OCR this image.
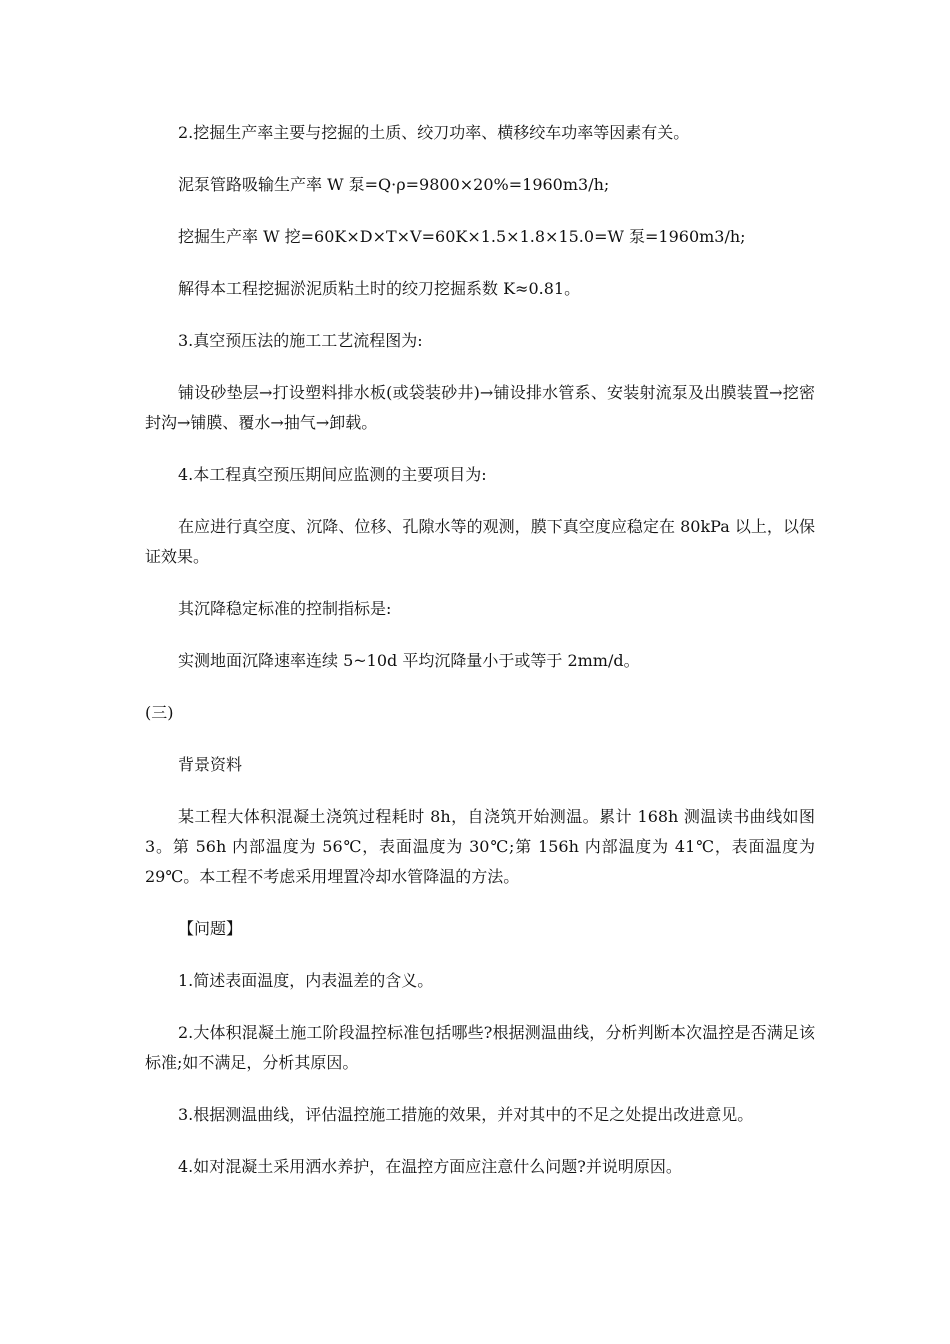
2.挖掘生产率主要与挖掘的土质、绞刀功率、横移绞车功率等因素有关。

泥泵管路吸输生产率 W 泵=Q·ρ=9800×20%=1960m3/h;

挖掘生产率 W 挖=60K×D×T×V=60K×1.5×1.8×15.0=W 泵=1960m3/h;

解得本工程挖掘淤泥质粘土时的绞刀挖掘系数 K≈0.81。

3.真空预压法的施工工艺流程图为:

铺设砂垫层→打设塑料排水板(或袋装砂井)→铺设排水管系、安装射流泵及出膜装置→挖密封沟→铺膜、覆水→抽气→卸载。

4.本工程真空预压期间应监测的主要项目为:

在应进行真空度、沉降、位移、孔隙水等的观测，膜下真空度应稳定在 80kPa 以上，以保证效果。

其沉降稳定标准的控制指标是:

实测地面沉降速率连续 5~10d 平均沉降量小于或等于 2mm/d。

(三)

背景资料

某工程大体积混凝土浇筑过程耗时 8h，自浇筑开始测温。累计 168h 测温读书曲线如图 3。第 56h 内部温度为 56℃，表面温度为 30℃;第 156h 内部温度为 41℃，表面温度为 29℃。本工程不考虑采用埋置冷却水管降温的方法。

【问题】

1.简述表面温度，内表温差的含义。

2.大体积混凝土施工阶段温控标准包括哪些?根据测温曲线，分析判断本次温控是否满足该标准;如不满足，分析其原因。

3.根据测温曲线，评估温控施工措施的效果，并对其中的不足之处提出改进意见。

4.如对混凝土采用洒水养护，在温控方面应注意什么问题?并说明原因。
